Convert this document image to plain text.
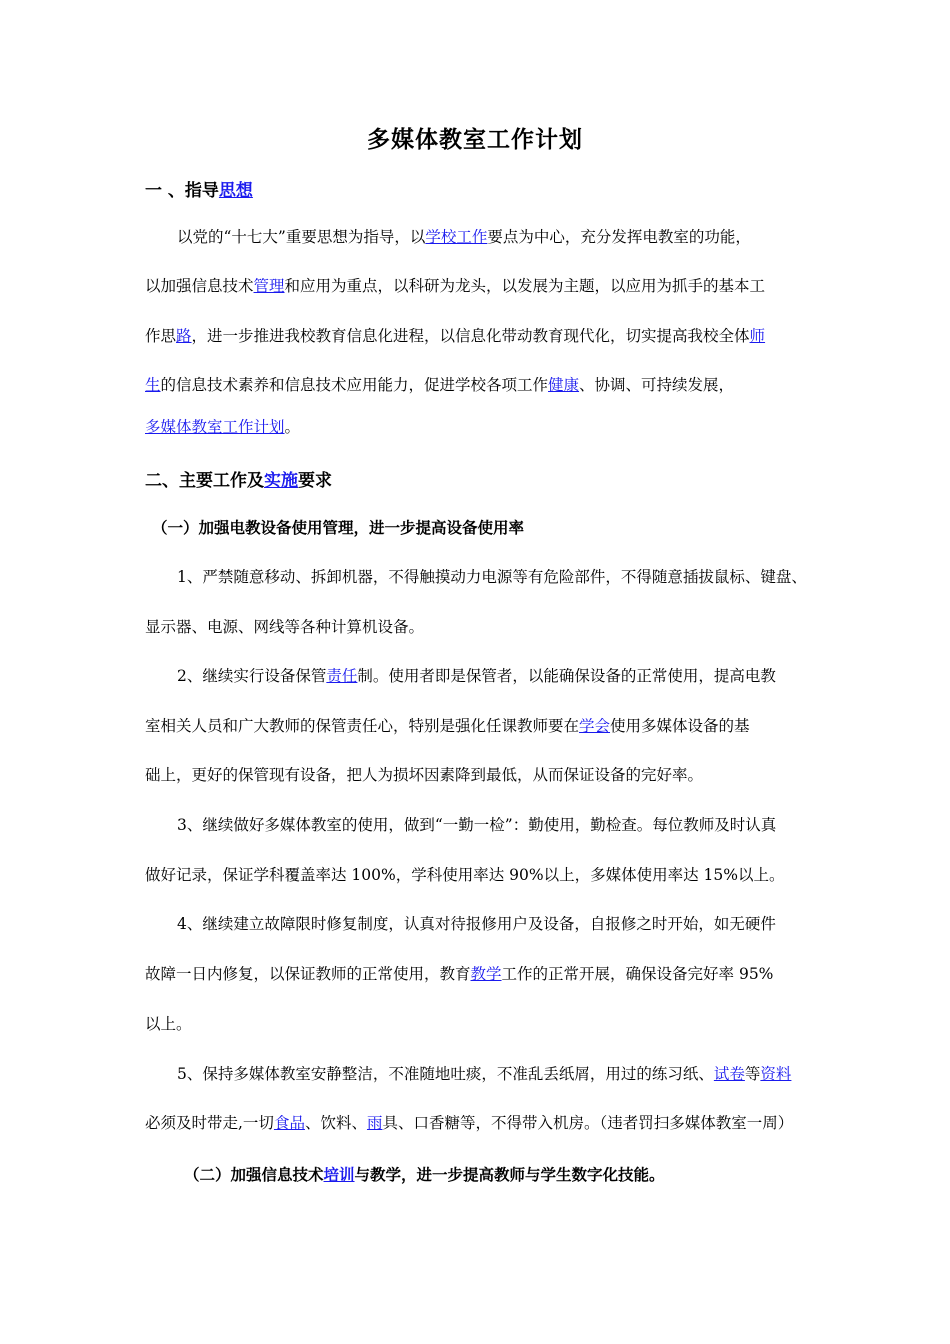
多媒体教室工作计划
一 、指导思想
以党的“十七大”重要思想为指导，以学校工作要点为中心，充分发挥电教室的功能，
以加强信息技术管理和应用为重点，以科研为龙头，以发展为主题，以应用为抓手的基本工
作思路，进一步推进我校教育信息化进程，以信息化带动教育现代化，切实提高我校全体师
生的信息技术素养和信息技术应用能力，促进学校各项工作健康、协调、可持续发展，
多媒体教室工作计划。
二、主要工作及实施要求
（一）加强电教设备使用管理，进一步提高设备使用率
1、严禁随意移动、拆卸机器，不得触摸动力电源等有危险部件，不得随意插拔鼠标、键盘、
显示器、电源、网线等各种计算机设备。
2、继续实行设备保管责任制。使用者即是保管者，以能确保设备的正常使用，提高电教
室相关人员和广大教师的保管责任心，特别是强化任课教师要在学会使用多媒体设备的基
础上，更好的保管现有设备，把人为损坏因素降到最低，从而保证设备的完好率。
3、继续做好多媒体教室的使用，做到“一勤一检”：勤使用，勤检查。每位教师及时认真
做好记录，保证学科覆盖率达 100%，学科使用率达 90%以上，多媒体使用率达 15%以上。
4、继续建立故障限时修复制度，认真对待报修用户及设备，自报修之时开始，如无硬件
故障一日内修复，以保证教师的正常使用，教育教学工作的正常开展，确保设备完好率 95%
以上。
5、保持多媒体教室安静整洁，不准随地吐痰，不准乱丢纸屑，用过的练习纸、试卷等资料
必须及时带走,一切食品、饮料、雨具、口香糖等，不得带入机房。（违者罚扫多媒体教室一周）
（二）加强信息技术培训与教学，进一步提高教师与学生数字化技能。
